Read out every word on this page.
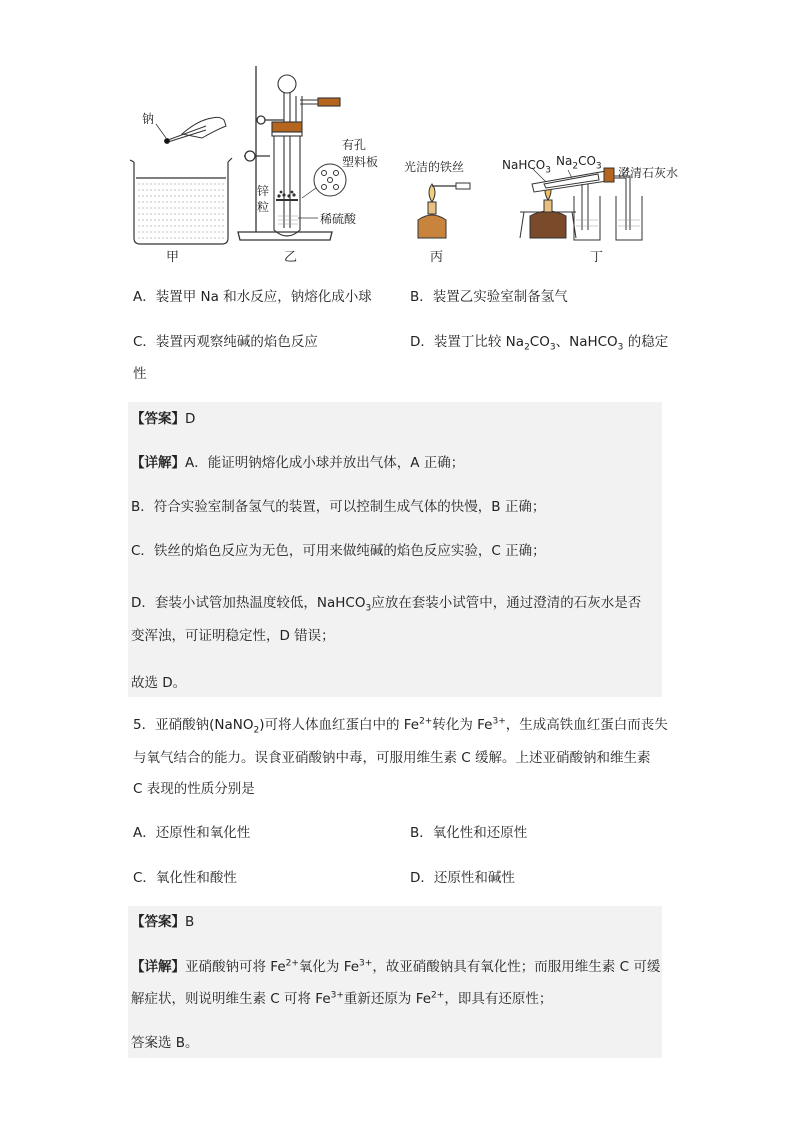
钠
甲
有孔
塑料板
锌
粒
稀硫酸
乙
光洁的铁丝
丙
NaHCO$_3$
$Na_2CO_3$ 澄清石灰水
丁
A．装置甲 Na 和水反应，钠熔化成小球	B．装置乙实验室制备氢气
C．装置丙观察纯碱的焰色反应	D．装置丁比较 $Na_2CO_3$、NaHCO$_3$ 的稳定
性
【答案】D
【详解】A．能证明钠熔化成小球并放出气体，A 正确；
B．符合实验室制备氢气的装置，可以控制生成气体的快慢，B 正确；
C．铁丝的焰色反应为无色，可用来做纯碱的焰色反应实验，C 正确；
D．套装小试管加热温度较低，NaHCO$_3$应放在套装小试管中，通过澄清的石灰水是否
变浑浊，可证明稳定性，D 错误；
故选 D。
5．亚硝酸钠(NaNO$_2$)可将人体血红蛋白中的 $Fe^{2+}$转化为 $Fe^{3+}$，生成高铁血红蛋白而丧失
与氧气结合的能力。误食亚硝酸钠中毒，可服用维生素 C 缓解。上述亚硝酸钠和维生素
C 表现的性质分别是
A．还原性和氧化性	B．氧化性和还原性
C．氧化性和酸性	D．还原性和碱性
【答案】B
【详解】亚硝酸钠可将 $Fe^{2+}$氧化为 $Fe^{3+}$，故亚硝酸钠具有氧化性；而服用维生素 C 可缓
解症状，则说明维生素 C 可将 $Fe^{3+}$重新还原为 $Fe^{2+}$，即具有还原性；
答案选 B。
